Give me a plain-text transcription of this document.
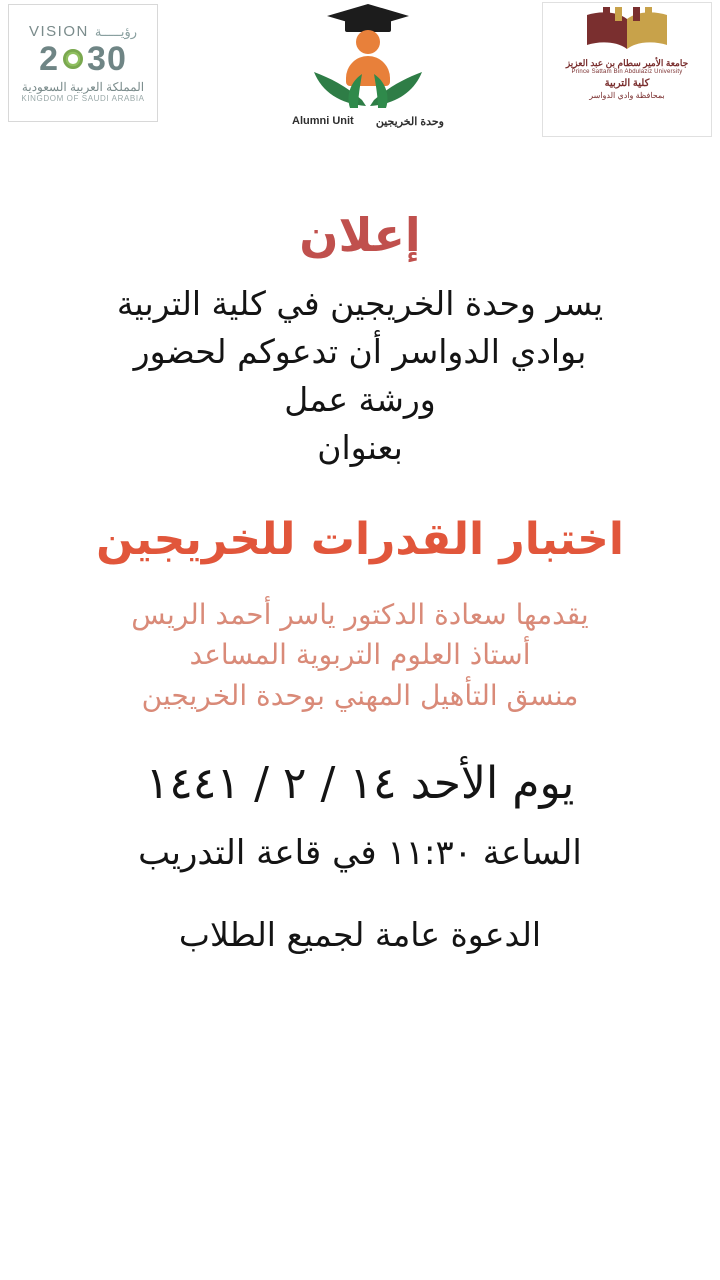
VISION رؤيـــــة
2 30
المملكة العربية السعودية
KINGDOM OF SAUDI ARABIA
Alumni Unit وحدة الخريجين
جامعة الأمير سطام بن عبد العزيز
Prince Sattam Bin Abdulaziz University
كلية التربية
بمحافظة وادي الدواسر
إعلان
يسر وحدة الخريجين في كلية التربية
بوادي الدواسر أن تدعوكم لحضور
ورشة عمل
بعنوان
اختبار القدرات للخريجين
يقدمها سعادة الدكتور ياسر أحمد الريس
أستاذ العلوم التربوية المساعد
منسق التأهيل المهني بوحدة الخريجين
يوم الأحد ١٤ / ٢ / ١٤٤١
الساعة ١١:٣٠ في قاعة التدريب
الدعوة عامة لجميع الطلاب
